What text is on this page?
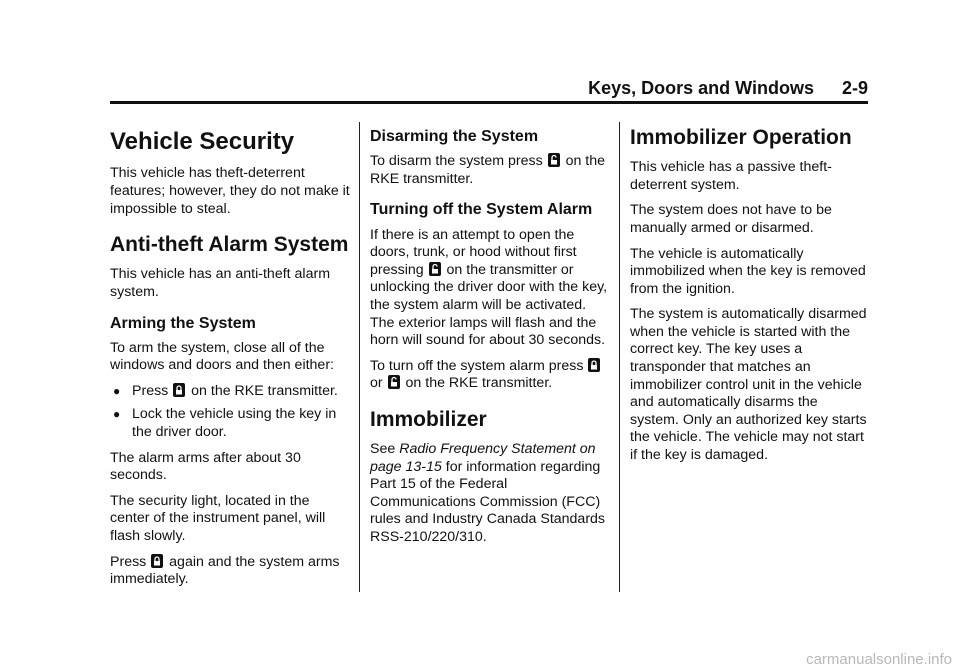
Keys, Doors and Windows 2-9
Vehicle Security

This vehicle has theft-deterrent features; however, they do not make it impossible to steal.

Anti-theft Alarm System

This vehicle has an anti-theft alarm system.

Arming the System

To arm the system, close all of the windows and doors and then either:

● Press on the RKE transmitter.
● Lock the vehicle using the key in the driver door.

The alarm arms after about 30 seconds.

The security light, located in the center of the instrument panel, will flash slowly.

Press again and the system arms immediately.

Disarming the System

To disarm the system press on the RKE transmitter.

Turning off the System Alarm

If there is an attempt to open the doors, trunk, or hood without first pressing on the transmitter or unlocking the driver door with the key, the system alarm will be activated. The exterior lamps will flash and the horn will sound for about 30 seconds.

To turn off the system alarm press  or on the RKE transmitter.

Immobilizer

See Radio Frequency Statement on page 13-15 for information regarding Part 15 of the Federal Communications Commission (FCC) rules and Industry Canada Standards RSS-210/220/310.

Immobilizer Operation

This vehicle has a passive theft-deterrent system.

The system does not have to be manually armed or disarmed.

The vehicle is automatically immobilized when the key is removed from the ignition.

The system is automatically disarmed when the vehicle is started with the correct key. The key uses a transponder that matches an immobilizer control unit in the vehicle and automatically disarms the system. Only an authorized key starts the vehicle. The vehicle may not start if the key is damaged.

carmanualsonline.info
